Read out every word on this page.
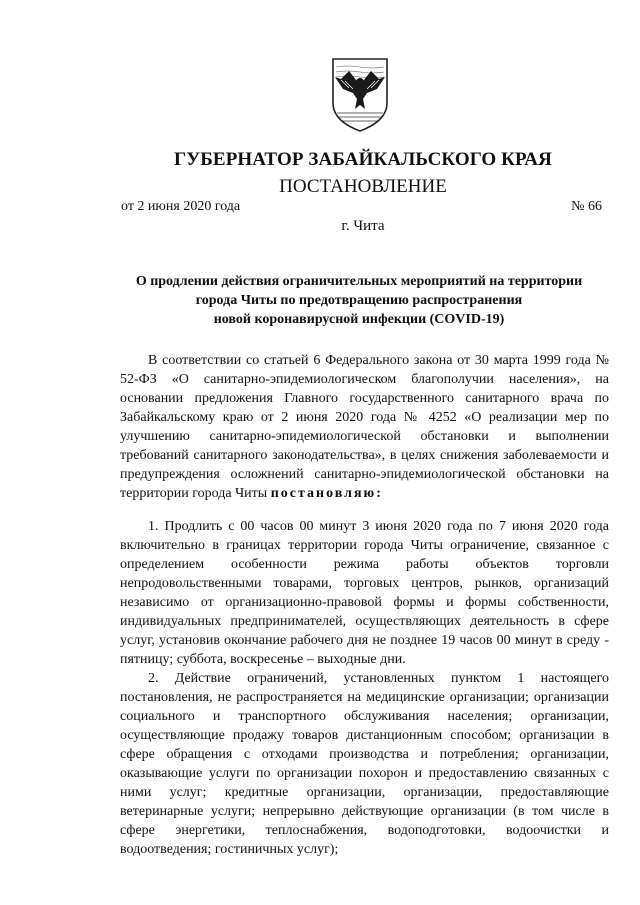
ГУБЕРНАТОР ЗАБАЙКАЛЬСКОГО КРАЯ
ПОСТАНОВЛЕНИЕ
от 2 июня 2020 года	№ 66
г. Чита
О продлении действия ограничительных мероприятий на территории
города Читы по предотвращению распространения
новой коронавирусной инфекции (COVID-19)

В соответствии со статьей 6 Федерального закона от 30 марта 1999 года № 52-ФЗ «О санитарно-эпидемиологическом благополучии населения», на основании предложения Главного государственного санитарного врача по Забайкальскому краю от 2 июня 2020 года № 4252 «О реализации мер по улучшению санитарно-эпидемиологической обстановки и выполнении требований санитарного законодательства», в целях снижения заболеваемости и предупреждения осложнений санитарно-эпидемиологической обстановки на территории города Читы постановляю:

1. Продлить с 00 часов 00 минут 3 июня 2020 года по 7 июня 2020 года включительно в границах территории города Читы ограничение, связанное с определением особенности режима работы объектов торговли непродовольственными товарами, торговых центров, рынков, организаций независимо от организационно-правовой формы и формы собственности, индивидуальных предпринимателей, осуществляющих деятельность в сфере услуг, установив окончание рабочего дня не позднее 19 часов 00 минут в среду - пятницу; суббота, воскресенье – выходные дни.

2. Действие ограничений, установленных пунктом 1 настоящего постановления, не распространяется на медицинские организации; организации социального и транспортного обслуживания населения; организации, осуществляющие продажу товаров дистанционным способом; организации в сфере обращения с отходами производства и потребления; организации, оказывающие услуги по организации похорон и предоставлению связанных с ними услуг; кредитные организации, организации, предоставляющие ветеринарные услуги; непрерывно действующие организации (в том числе в сфере энергетики, теплоснабжения, водоподготовки, водоочистки и водоотведения; гостиничных услуг);
